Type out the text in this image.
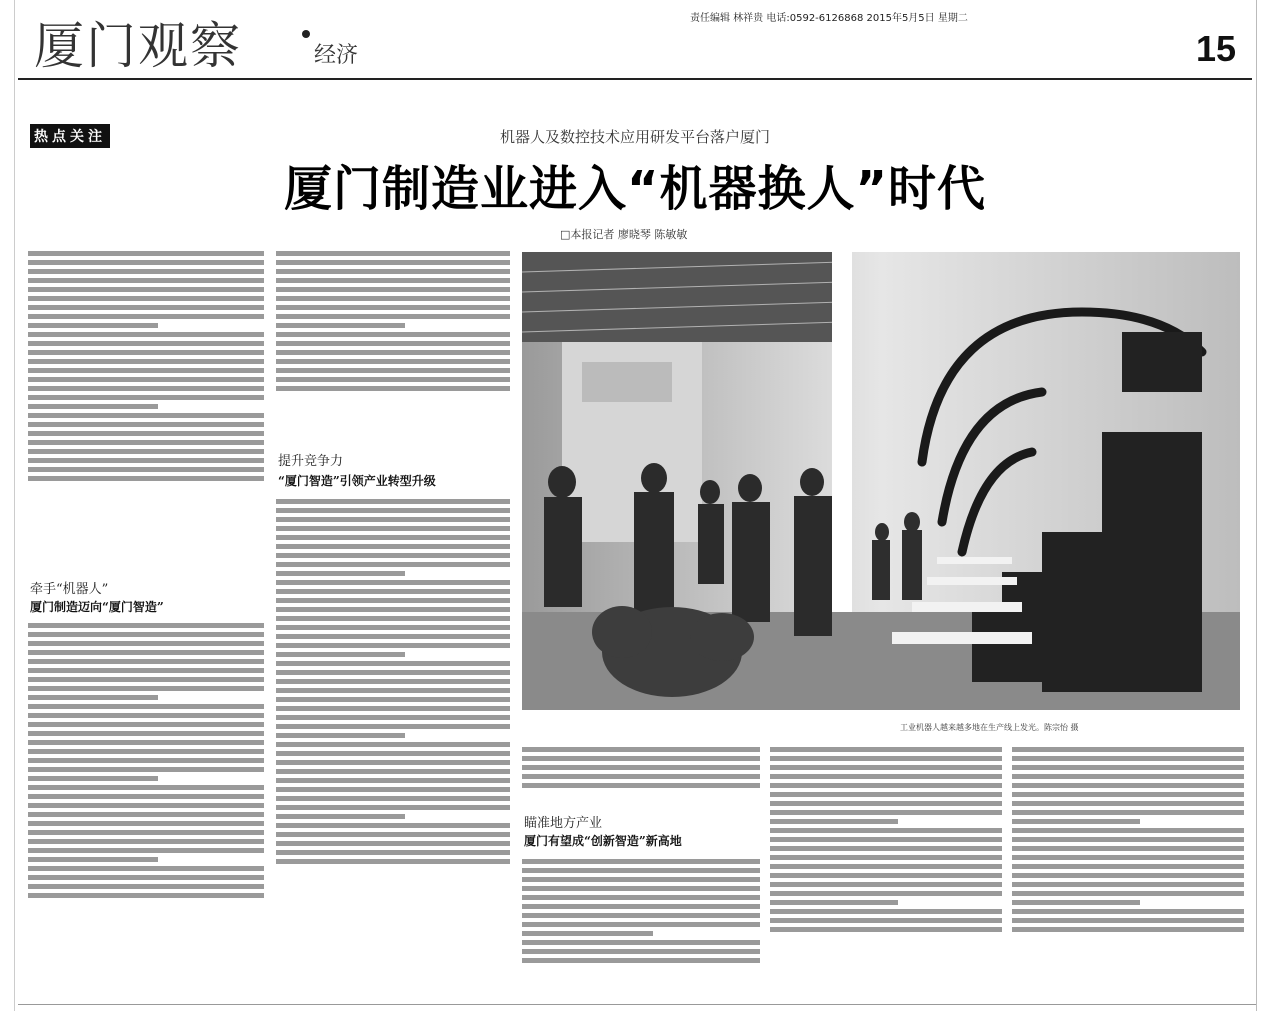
厦门观察	经济
责任编辑 林祥贵 电话:0592-6126868 2015年5月5日 星期二
15
热点关注	机器人及数控技术应用研发平台落户厦门
厦门制造业进入“机器换人”时代
□本报记者 廖晓琴 陈敏敏
牵手“机器人”
厦门制造迈向“厦门智造”
提升竞争力
“厦门智造”引领产业转型升级
工业机器人越来越多地在生产线上发光。陈宗怡 摄
瞄准地方产业
厦门有望成“创新智造”新高地
